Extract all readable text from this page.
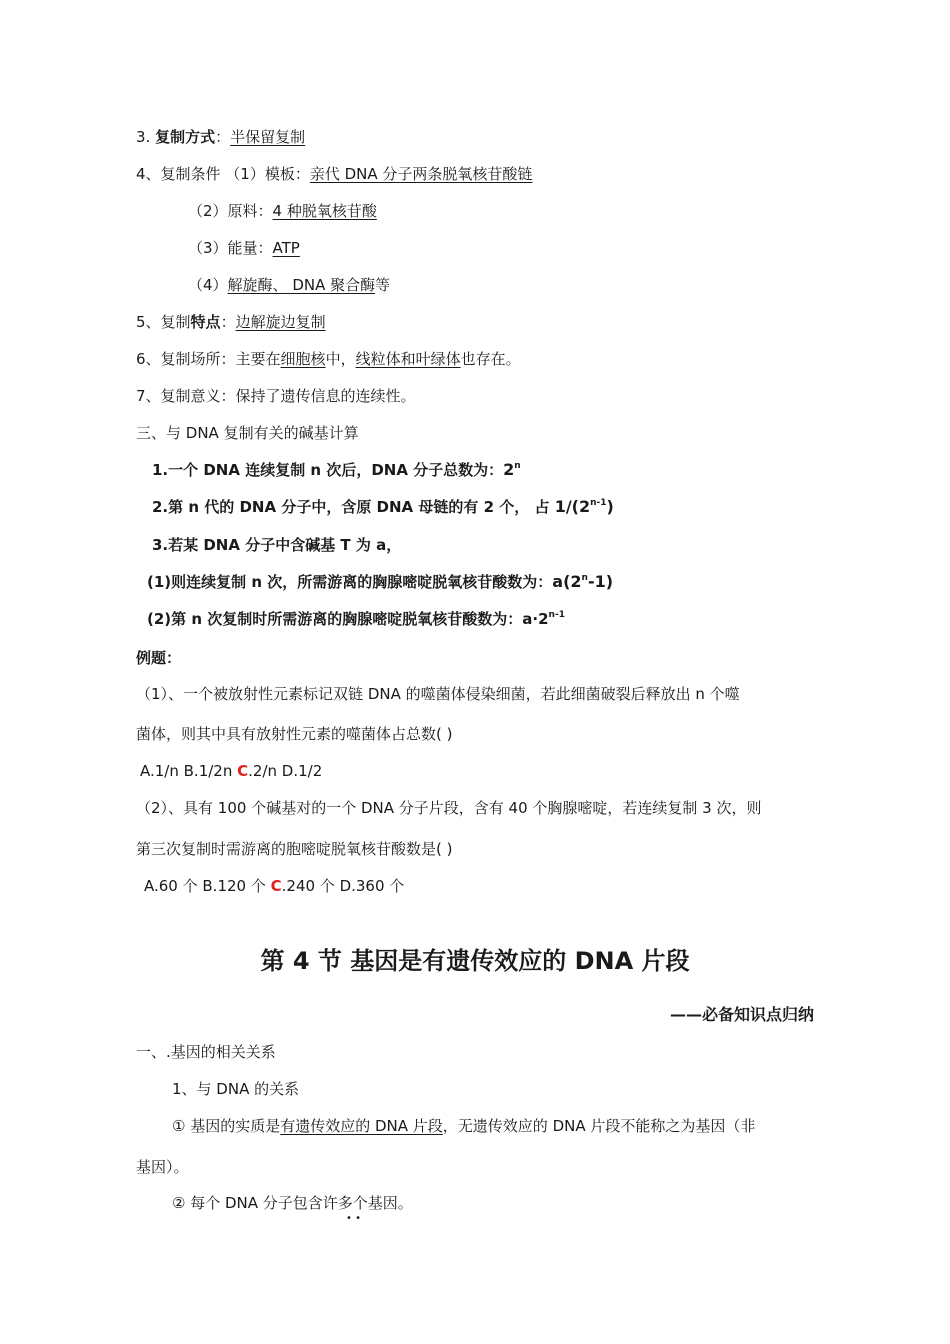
3. 复制方式：半保留复制
4、复制条件 （1）模板：亲代 DNA 分子两条脱氧核苷酸链
（2）原料：4 种脱氧核苷酸
（3）能量：ATP
（4）解旋酶、 DNA 聚合酶等
5、复制特点：边解旋边复制
6、复制场所：主要在细胞核中，线粒体和叶绿体也存在。
7、复制意义：保持了遗传信息的连续性。
三、与 DNA 复制有关的碱基计算
1.一个 DNA 连续复制 n 次后，DNA 分子总数为：2$^n$
2.第 n 代的 DNA 分子中，含原 DNA 母链的有 2 个， 占 1/(2$^{n-1}$)
3.若某 DNA 分子中含碱基 T 为 a，
(1)则连续复制 n 次，所需游离的胸腺嘧啶脱氧核苷酸数为：a(2$^n$-1)
(2)第 n 次复制时所需游离的胸腺嘧啶脱氧核苷酸数为：$a\cdot 2^{n-1}$
例题：
（1）、一个被放射性元素标记双链 DNA 的噬菌体侵染细菌，若此细菌破裂后释放出 n 个噬
菌体，则其中具有放射性元素的噬菌体占总数( )
A.1/n B.1/2n C.2/n D.1/2
（2）、具有 100 个碱基对的一个 DNA 分子片段，含有 40 个胸腺嘧啶，若连续复制 3 次，则
第三次复制时需游离的胞嘧啶脱氧核苷酸数是( )
A.60 个 B.120 个 C.240 个 D.360 个
第 4 节 基因是有遗传效应的 DNA 片段
——必备知识点归纳
一、.基因的相关关系
1、与 DNA 的关系
① 基因的实质是有遗传效应的 DNA 片段，无遗传效应的 DNA 片段不能称之为基因（非
基因）。
② 每个 DNA 分子包含许多个基因。
• •
